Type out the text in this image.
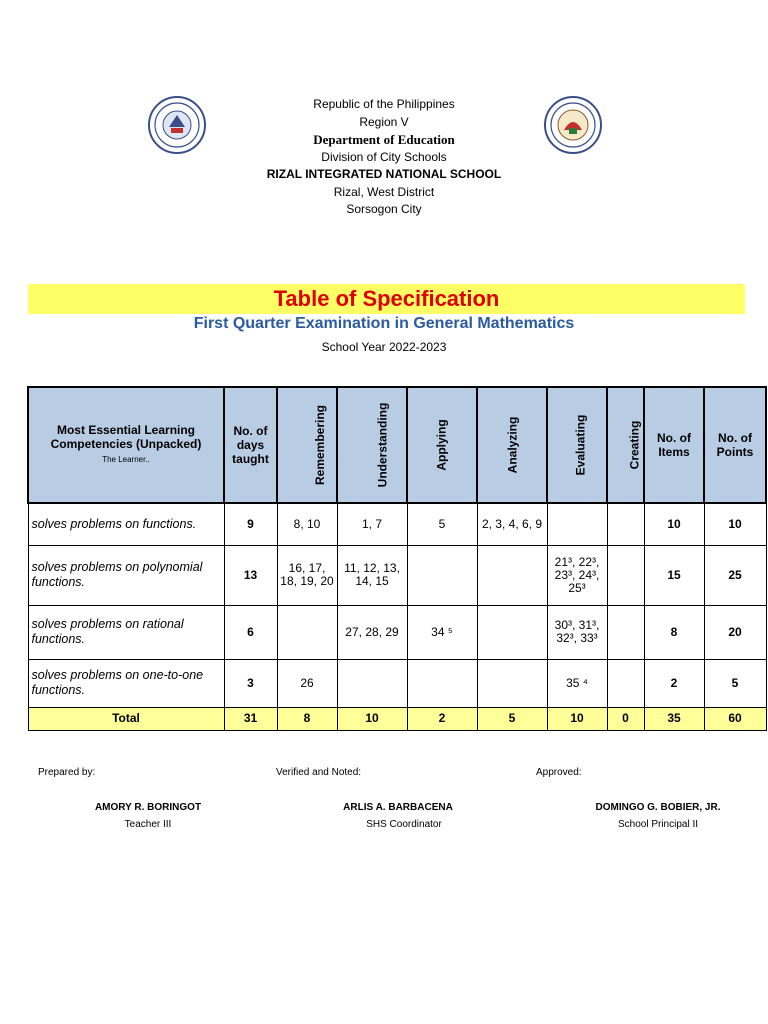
Republic of the Philippines
Region V
Department of Education
Division of City Schools
RIZAL INTEGRATED NATIONAL SCHOOL
Rizal, West District
Sorsogon City
Table of Specification
First Quarter Examination in General Mathematics
School Year 2022-2023
Most Essential Learning Competencies (Unpacked)
The Learner..	No. of days taught	Remembering	Understanding	Applying	Analyzing	Evaluating	Creating	No. of Items	No. of Points
solves problems on functions.	9	8, 10	1, 7	5	2, 3, 4, 6, 9			10	10
solves problems on polynomial functions.	13	16, 17, 18, 19, 20	11, 12, 13, 14, 15			21³, 22³, 23³, 24³, 25³		15	25
solves problems on rational functions.	6		27, 28, 29	34 ⁵		30³, 31³, 32³, 33³		8	20
solves problems on one-to-one functions.	3	26				35 ⁴		2	5
Total	31	8	10	2	5	10	0	35	60
Prepared by:	Verified and Noted:	Approved:
AMORY R. BORINGOT
Teacher III
ARLIS A. BARBACENA
SHS Coordinator
DOMINGO G. BOBIER, JR.
School Principal II
